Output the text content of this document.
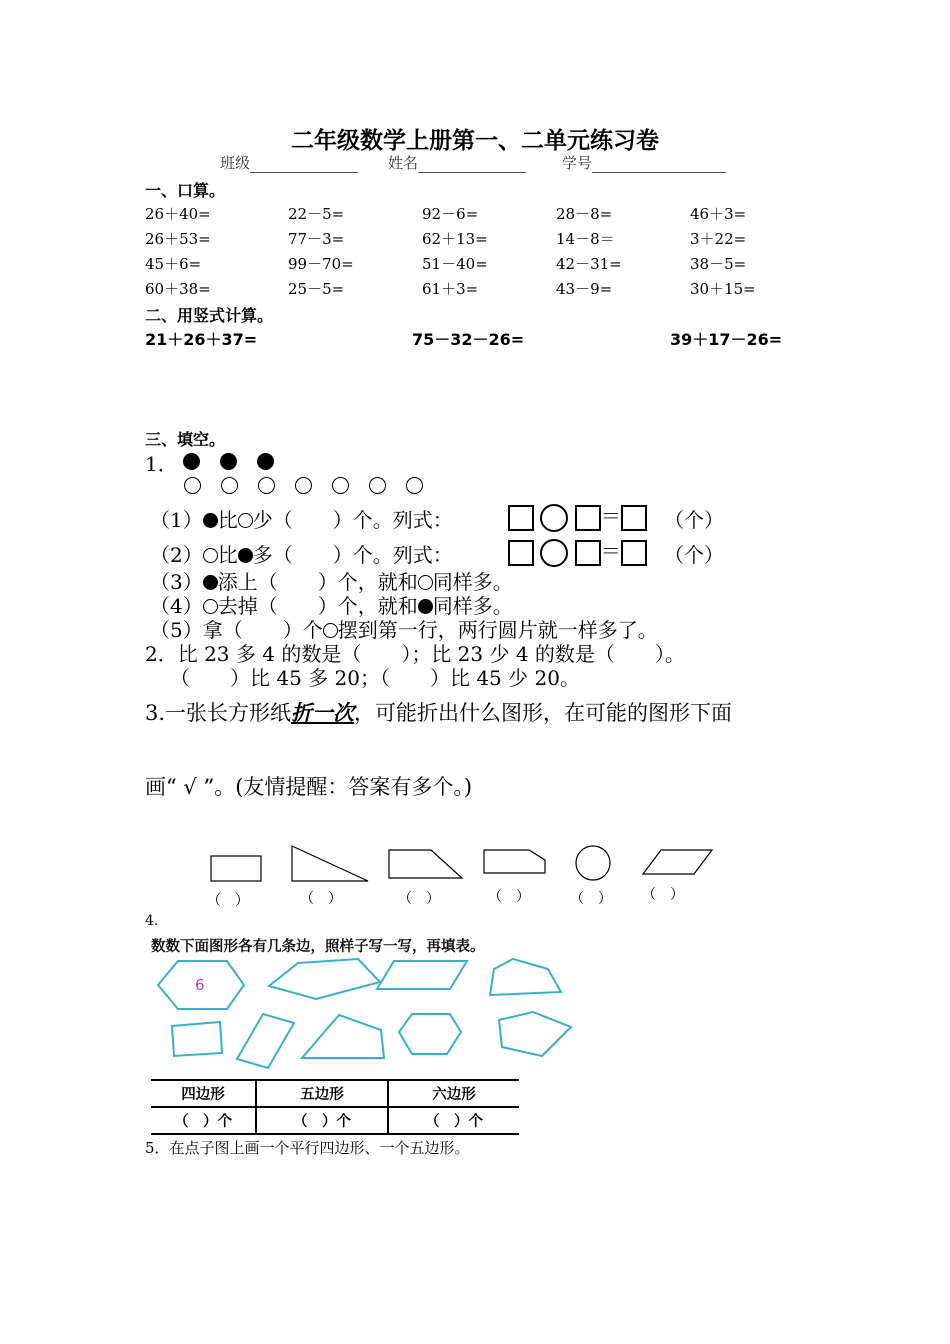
二年级数学上册第一、二单元练习卷
班级	姓名	学号
一、口算。
26＋40=	22－5=	92－6=	28－8=	46＋3=
26＋53=	77－3=	62＋13=	14－8＝	3＋22=
45＋6=	99－70=	51－40=	42－31=	38－5=
60＋38=	25－5=	61＋3=	43－9=	30＋15=
二、用竖式计算。
21＋26＋37=	75－32－26=	39＋17－26=
三、填空。
1．
（1） 比 少（　　）个。列式：	＝	（个）
（2） 比 多（　　）个。列式：	＝	（个）
（3） 添上（　　）个，就和 同样多。
（4） 去掉（　　）个，就和 同样多。
（5）拿（　　）个 摆到第一行，两行圆片就一样多了。
2．比 23 多 4 的数是（　　）；比 23 少 4 的数是（　　）。
（　　）比 45 多 20；（　　）比 45 少 20。
3.一张长方形纸折一次，可能折出什么图形，在可能的图形下面
画“ √ ”。(友情提醒：答案有多个。)
（　）	（　）	（　）	（　）	（　） （　）
4.
数数下面图形各有几条边，照样子写一写，再填表。
6
四边形	五边形	六边形
（　）个	（　）个	（　）个
5．在点子图上画一个平行四边形、一个五边形。
